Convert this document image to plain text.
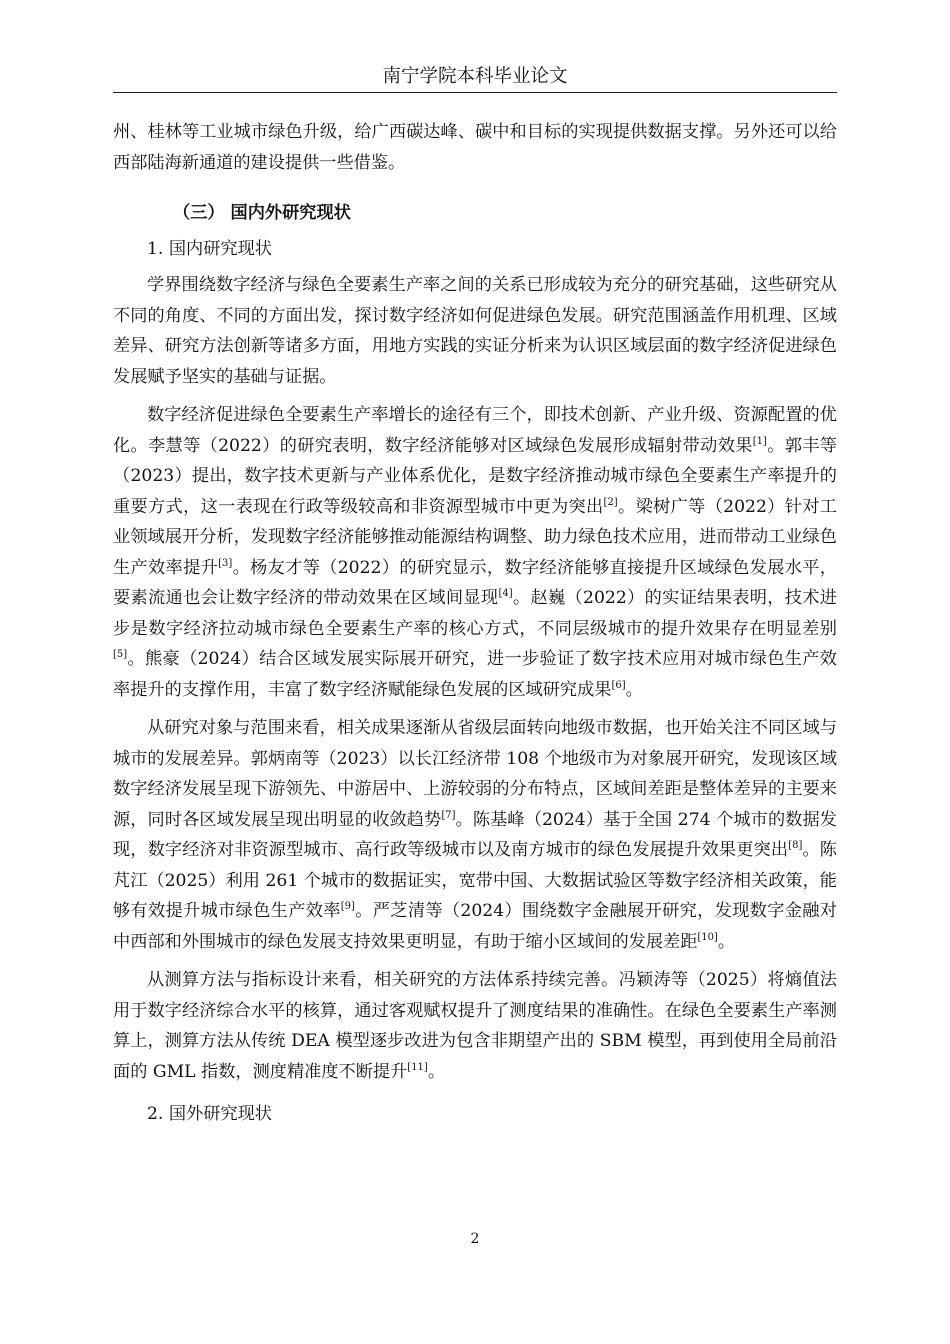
南宁学院本科毕业论文

州、桂林等工业城市绿色升级，给广西碳达峰、碳中和目标的实现提供数据支撑。另外还可以给西部陆海新通道的建设提供一些借鉴。

（三） 国内外研究现状

1. 国内研究现状

学界围绕数字经济与绿色全要素生产率之间的关系已形成较为充分的研究基础，这些研究从不同的角度、不同的方面出发，探讨数字经济如何促进绿色发展。研究范围涵盖作用机理、区域差异、研究方法创新等诸多方面，用地方实践的实证分析来为认识区域层面的数字经济促进绿色发展赋予坚实的基础与证据。

数字经济促进绿色全要素生产率增长的途径有三个，即技术创新、产业升级、资源配置的优化。李慧等（2022）的研究表明，数字经济能够对区域绿色发展形成辐射带动效果[1]。郭丰等（2023）提出，数字技术更新与产业体系优化，是数字经济推动城市绿色全要素生产率提升的重要方式，这一表现在行政等级较高和非资源型城市中更为突出[2]。梁树广等（2022）针对工业领域展开分析，发现数字经济能够推动能源结构调整、助力绿色技术应用，进而带动工业绿色生产效率提升[3]。杨友才等（2022）的研究显示，数字经济能够直接提升区域绿色发展水平，要素流通也会让数字经济的带动效果在区域间显现[4]。赵巍（2022）的实证结果表明，技术进步是数字经济拉动城市绿色全要素生产率的核心方式，不同层级城市的提升效果存在明显差别[5]。熊豪（2024）结合区域发展实际展开研究，进一步验证了数字技术应用对城市绿色生产效率提升的支撑作用，丰富了数字经济赋能绿色发展的区域研究成果[6]。

从研究对象与范围来看，相关成果逐渐从省级层面转向地级市数据，也开始关注不同区域与城市的发展差异。郭炳南等（2023）以长江经济带 108 个地级市为对象展开研究，发现该区域数字经济发展呈现下游领先、中游居中、上游较弱的分布特点，区域间差距是整体差异的主要来源，同时各区域发展呈现出明显的收敛趋势[7]。陈基峰（2024）基于全国 274 个城市的数据发现，数字经济对非资源型城市、高行政等级城市以及南方城市的绿色发展提升效果更突出[8]。陈芃江（2025）利用 261 个城市的数据证实，宽带中国、大数据试验区等数字经济相关政策，能够有效提升城市绿色生产效率[9]。严芝清等（2024）围绕数字金融展开研究，发现数字金融对中西部和外围城市的绿色发展支持效果更明显，有助于缩小区域间的发展差距[10]。

从测算方法与指标设计来看，相关研究的方法体系持续完善。冯颖涛等（2025）将熵值法用于数字经济综合水平的核算，通过客观赋权提升了测度结果的准确性。在绿色全要素生产率测算上，测算方法从传统 DEA 模型逐步改进为包含非期望产出的 SBM 模型，再到使用全局前沿面的 GML 指数，测度精准度不断提升[11]。

2. 国外研究现状

2
